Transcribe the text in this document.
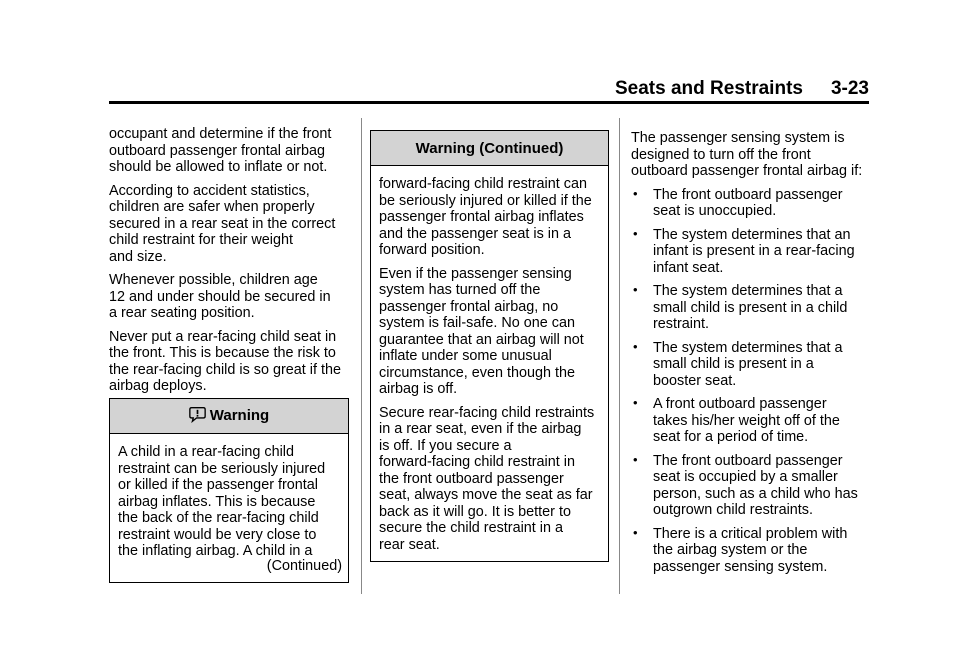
Seats and Restraints 3-23

occupant and determine if the front
outboard passenger frontal airbag
should be allowed to inflate or not.

According to accident statistics,
children are safer when properly
secured in a rear seat in the correct
child restraint for their weight
and size.

Whenever possible, children age
12 and under should be secured in
a rear seating position.

Never put a rear-facing child seat in
the front. This is because the risk to
the rear-facing child is so great if the
airbag deploys.

Warning

A child in a rear-facing child
restraint can be seriously injured
or killed if the passenger frontal
airbag inflates. This is because
the back of the rear-facing child
restraint would be very close to
the inflating airbag. A child in a

(Continued)
Warning (Continued)

forward-facing child restraint can
be seriously injured or killed if the
passenger frontal airbag inflates
and the passenger seat is in a
forward position.

Even if the passenger sensing
system has turned off the
passenger frontal airbag, no
system is fail-safe. No one can
guarantee that an airbag will not
inflate under some unusual
circumstance, even though the
airbag is off.

Secure rear-facing child restraints
in a rear seat, even if the airbag
is off. If you secure a
forward-facing child restraint in
the front outboard passenger
seat, always move the seat as far
back as it will go. It is better to
secure the child restraint in a
rear seat.

The passenger sensing system is
designed to turn off the front
outboard passenger frontal airbag if:

• The front outboard passenger
seat is unoccupied.
• The system determines that an
infant is present in a rear-facing
infant seat.
• The system determines that a
small child is present in a child
restraint.
• The system determines that a
small child is present in a
booster seat.
• A front outboard passenger
takes his/her weight off of the
seat for a period of time.
• The front outboard passenger
seat is occupied by a smaller
person, such as a child who has
outgrown child restraints.
• There is a critical problem with
the airbag system or the
passenger sensing system.
